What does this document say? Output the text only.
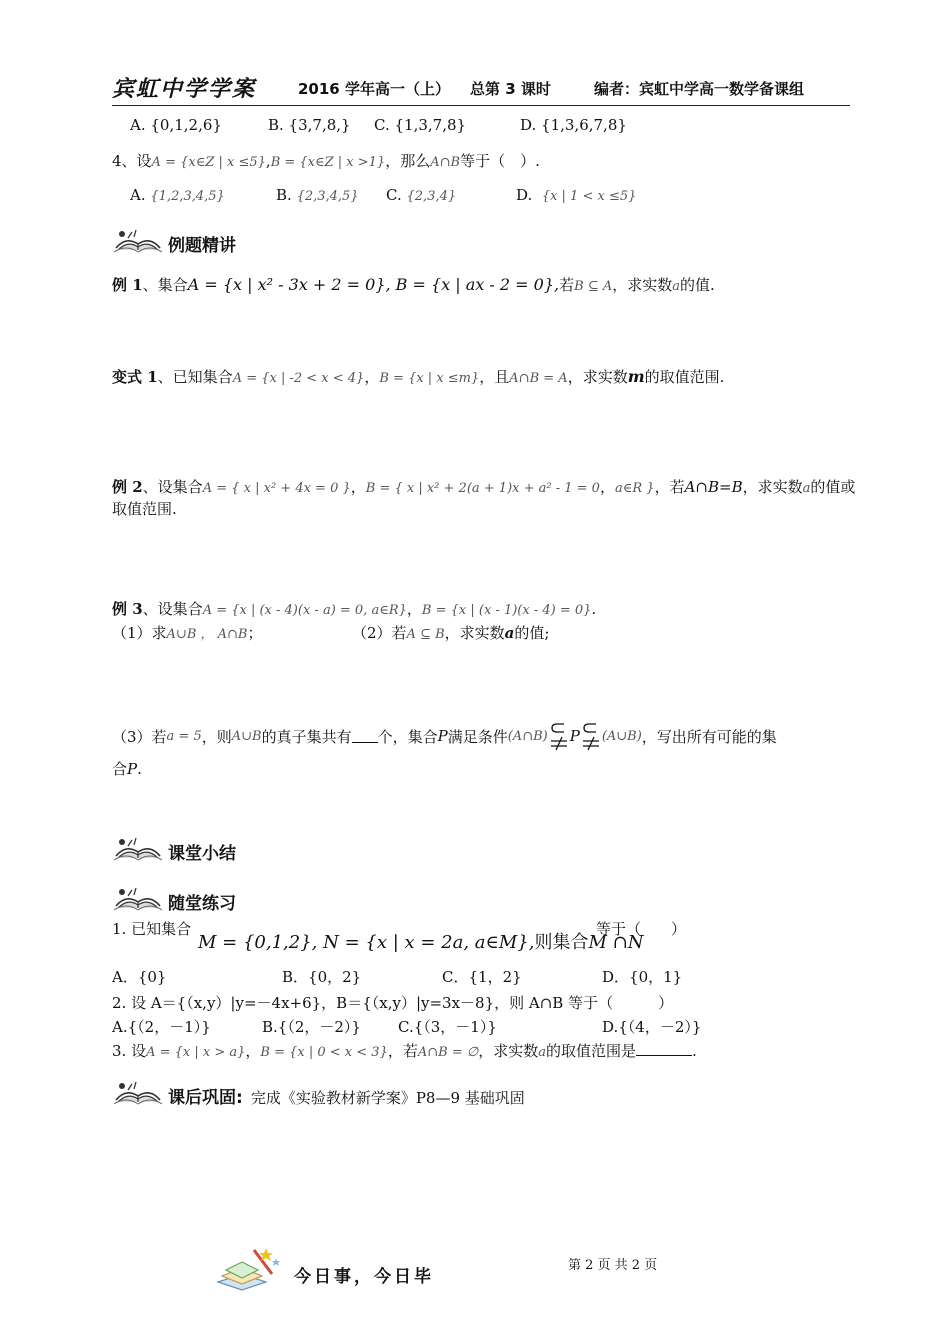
宾虹中学学案	2016 学年高一（上） 总第 3 课时	编者：宾虹中学高一数学备课组
A. {0,1,2,6}	B. {3,7,8,} C. {1,3,7,8}	D. {1,3,6,7,8}
4、设A = {x∈Z | x ≤5},B = {x∈Z | x >1}，那么A∩B等于（　）.
A. {1,2,3,4,5}	B. {2,3,4,5} C. {2,3,4}	D. {x | 1 < x ≤5}
例题精讲
例 1、集合A = {x | x² - 3x + 2 = 0}, B = {x | ax - 2 = 0},若B ⊆ A，求实数a的值.
变式 1、已知集合A = {x | -2 < x < 4}，B = {x | x ≤m}，且A∩B = A，求实数m的取值范围.
例 2、设集合A = { x | x² + 4x = 0 }，B = { x | x² + 2(a + 1)x + a² - 1 = 0，a∈R }，若A∩B=B，求实数a的值或
取值范围.
例 3、设集合A = {x | (x - 4)(x - a) = 0, a∈R}，B = {x | (x - 1)(x - 4) = 0}.
（1）求A∪B ， A∩B；	（2）若A ⊆ B，求实数a的值;
（3）若 a = 5 ，则 A∪B 的真子集共有 个，集合 P 满足条件 (A∩B) P (A∪B) ，写出所有可能的集
合P.
课堂小结
随堂练习
1. 已知集合
M = {0,1,2}, N = {x | x = 2a, a∈M},则集合M ∩N
等于（　　）
A．{0}	B．{0，2}	C．{1，2}	D．{0，1}
2. 设 A＝{（x,y）|y=－4x+6}，B＝{（x,y）|y=3x－8}，则 A∩B 等于（　　　）
A.{（2，－1）}	B.{（2，－2）} C.{（3，－1）}	D.{（4，－2）}
3. 设A = {x | x > a}，B = {x | 0 < x < 3}，若A∩B = ∅，求实数a的取值范围是	.
课后巩固: 完成《实验教材新学案》P8—9 基础巩固
今日事，今日毕
第 2 页 共 2 页
